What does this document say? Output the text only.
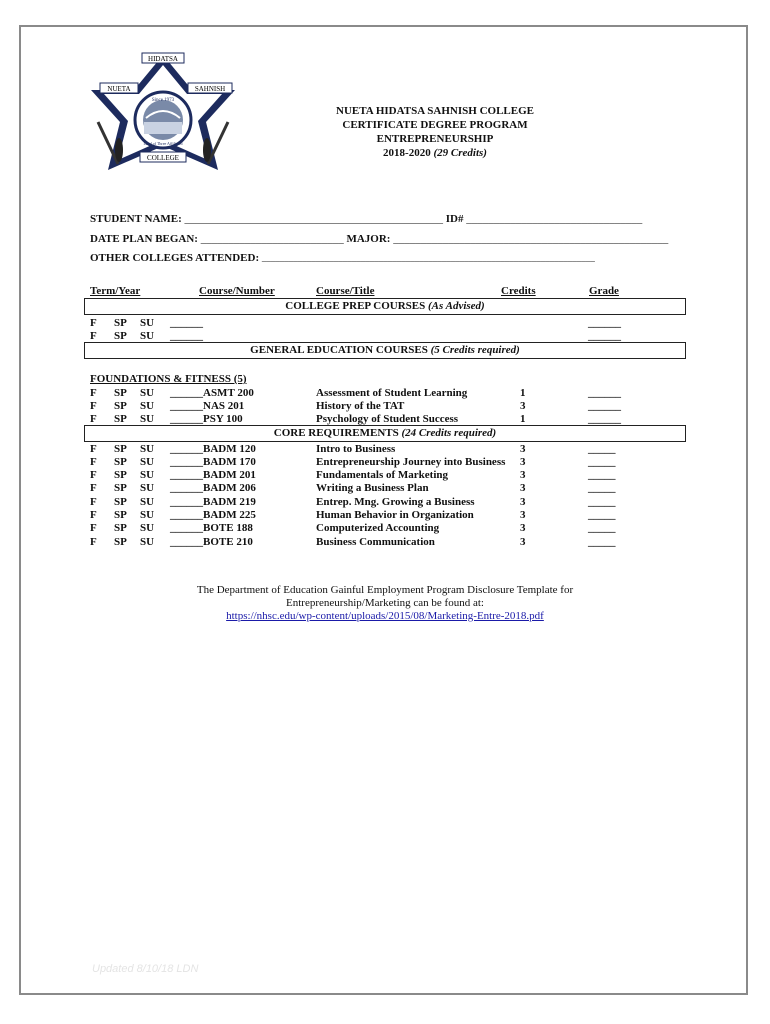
HIDATSA
NUETA	SAHNISH
Since 1973
Land of Three Affiliated
COLLEGE
NUETA HIDATSA SAHNISH COLLEGE
CERTIFICATE DEGREE PROGRAM
ENTREPRENEURSHIP
2018-2020 (29 Credits)
STUDENT NAME: _______________________________________________ ID# ________________________________
DATE PLAN BEGAN: __________________________ MAJOR: __________________________________________________
OTHER COLLEGES ATTENDED: __________________________________________________________________________
Term/Year	Course/Number	Course/Title	Credits	Grade
COLLEGE PREP COURSES (As Advised)
F SP SU ______	______
F SP SU ______	______
GENERAL EDUCATION COURSES (5 Credits required)
FOUNDATIONS & FITNESS (5)
F SP SU ______ASMT 200	Assessment of Student Learning	1	______
F SP SU ______NAS 201	History of the TAT	3	______
F SP SU ______PSY 100	Psychology of Student Success	1	______
CORE REQUIREMENTS (24 Credits required)
F SP SU ______BADM 120	Intro to Business	3	_____
F SP SU ______BADM 170	Entrepreneurship Journey into Business 3	_____
F SP SU ______BADM 201	Fundamentals of Marketing	3	_____
F SP SU ______BADM 206	Writing a Business Plan	3	_____
F SP SU ______BADM 219	Entrep. Mng. Growing a Business	3	_____
F SP SU ______BADM 225	Human Behavior in Organization	3	_____
F SP SU ______BOTE 188	Computerized Accounting	3	_____
F SP SU ______BOTE 210	Business Communication	3	_____
The Department of Education Gainful Employment Program Disclosure Template for
Entrepreneurship/Marketing can be found at:
https://nhsc.edu/wp-content/uploads/2015/08/Marketing-Entre-2018.pdf
Updated 8/10/18 LDN
